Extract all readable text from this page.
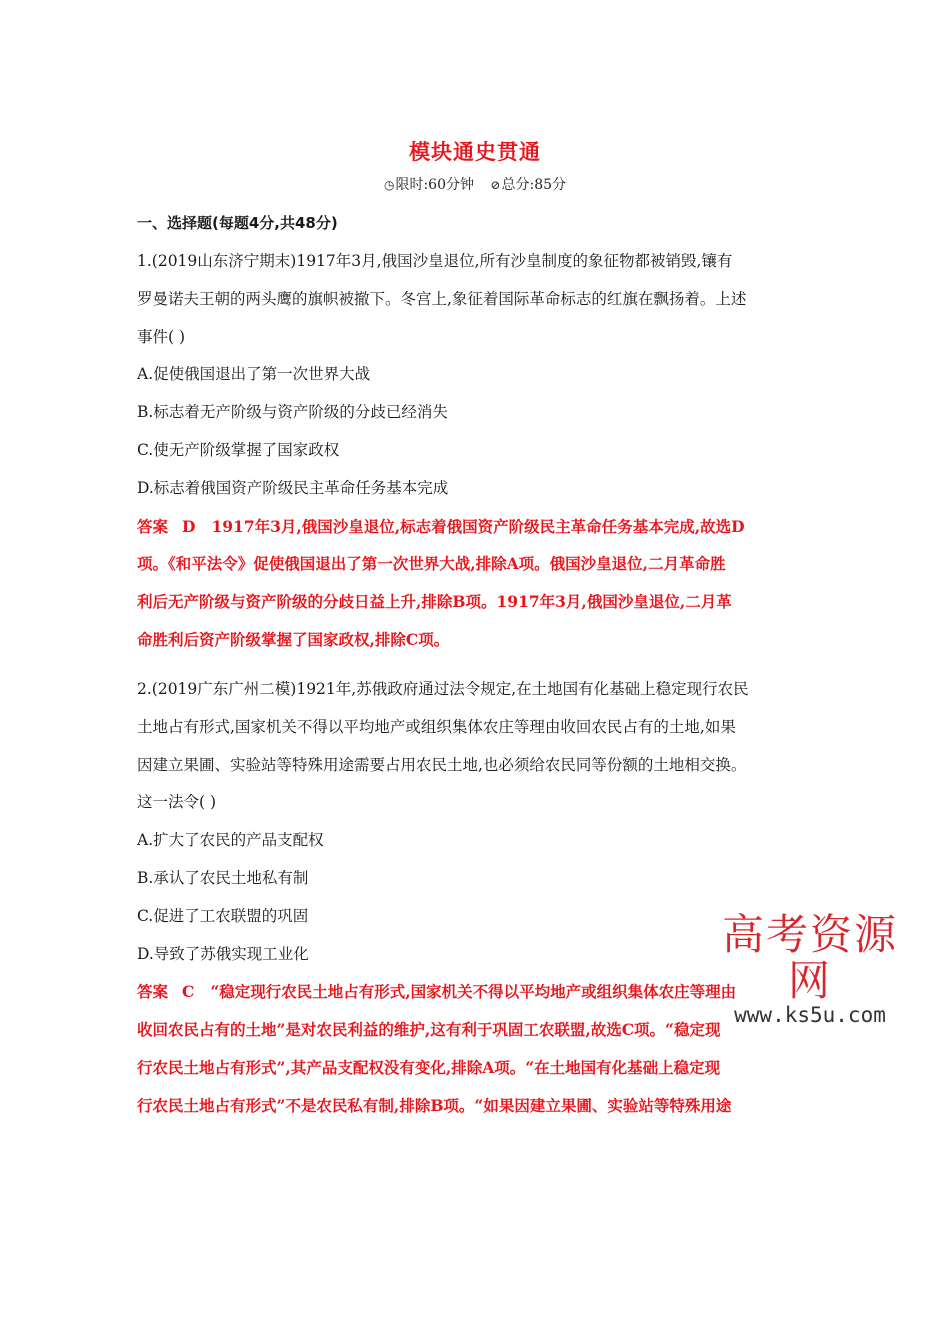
模块通史贯通
◷限时:60分钟 ⊘总分:85分
一、选择题(每题4分,共48分)
1.(2019山东济宁期末)1917年3月,俄国沙皇退位,所有沙皇制度的象征物都被销毁,镶有
罗曼诺夫王朝的两头鹰的旗帜被撤下。冬宫上,象征着国际革命标志的红旗在飘扬着。上述
事件( )
A.促使俄国退出了第一次世界大战
B.标志着无产阶级与资产阶级的分歧已经消失
C.使无产阶级掌握了国家政权
D.标志着俄国资产阶级民主革命任务基本完成
答案 D 1917年3月,俄国沙皇退位,标志着俄国资产阶级民主革命任务基本完成,故选D
项。《和平法令》促使俄国退出了第一次世界大战,排除A项。俄国沙皇退位,二月革命胜
利后无产阶级与资产阶级的分歧日益上升,排除B项。1917年3月,俄国沙皇退位,二月革
命胜利后资产阶级掌握了国家政权,排除C项。
2.(2019广东广州二模)1921年,苏俄政府通过法令规定,在土地国有化基础上稳定现行农民
土地占有形式,国家机关不得以平均地产或组织集体农庄等理由收回农民占有的土地,如果
因建立果圃、实验站等特殊用途需要占用农民土地,也必须给农民同等份额的土地相交换。
这一法令( )
A.扩大了农民的产品支配权
B.承认了农民土地私有制
C.促进了工农联盟的巩固
D.导致了苏俄实现工业化
答案 C “稳定现行农民土地占有形式,国家机关不得以平均地产或组织集体农庄等理由
收回农民占有的土地”是对农民利益的维护,这有利于巩固工农联盟,故选C项。“稳定现
行农民土地占有形式”,其产品支配权没有变化,排除A项。“在土地国有化基础上稳定现
行农民土地占有形式”不是农民私有制,排除B项。“如果因建立果圃、实验站等特殊用途
高考资源网
www.ks5u.com
